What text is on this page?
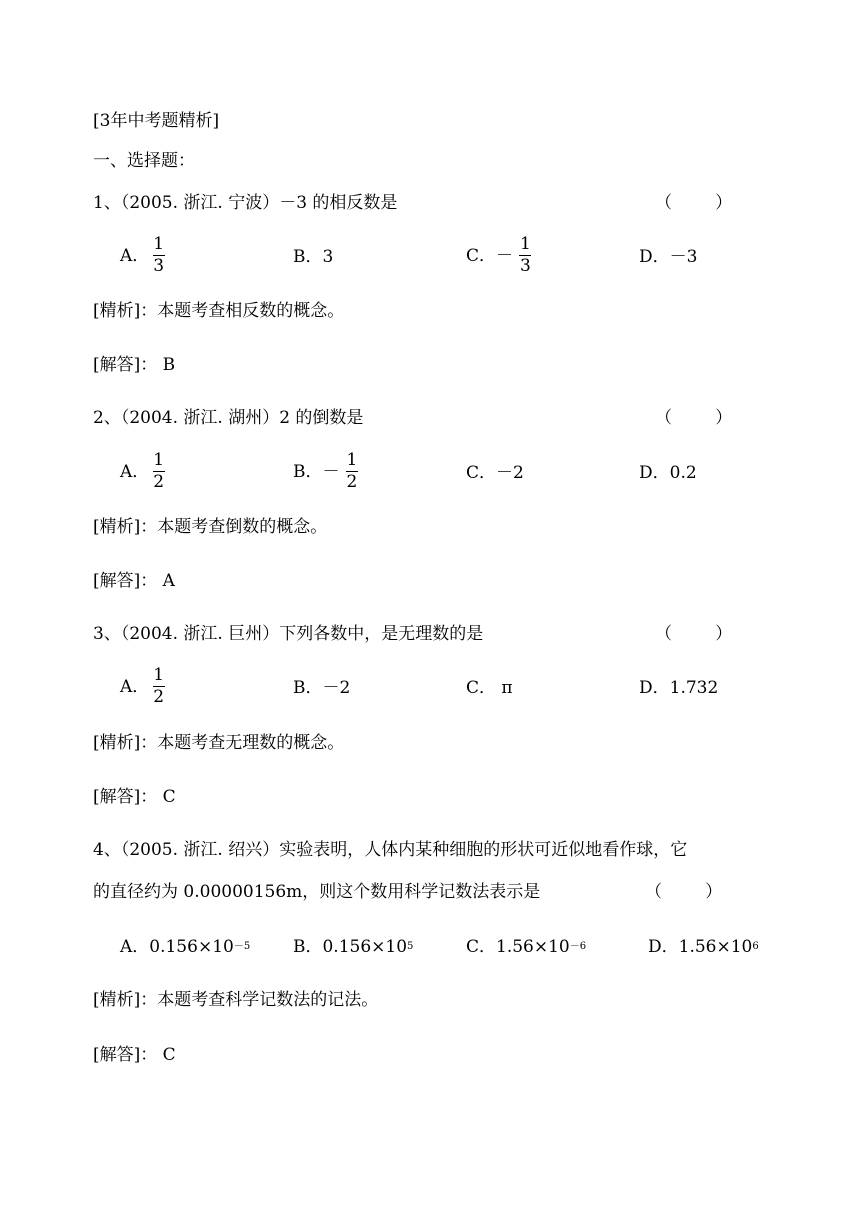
[3年中考题精析]
一、选择题：
1、（2005. 浙江. 宁波）－3 的相反数是	（        ）
A． $\frac{1}{3}$	B．3	C． － $\frac{1}{3}$	D．－3
[精析]：本题考查相反数的概念。
[解答]： B
2、（2004. 浙江. 湖州）2 的倒数是	（        ）
A． $\frac{1}{2}$	B． － $\frac{1}{2}$	C．－2	D．0.2
[精析]：本题考查倒数的概念。
[解答]： A
3、（2004. 浙江. 巨州）下列各数中，是无理数的是	（        ）
A． $\frac{1}{2}$	B．－2	C． π	D．1.732
[精析]：本题考查无理数的概念。
[解答]： C
4、（2005. 浙江. 绍兴）实验表明，人体内某种细胞的形状可近似地看作球，它
的直径约为 0.00000156m，则这个数用科学记数法表示是	（        ）
A．0.156×10 －5	B．0.156×10 5	C．1.56×10 －6	D．1.56×10 6
[精析]：本题考查科学记数法的记法。
[解答]： C
